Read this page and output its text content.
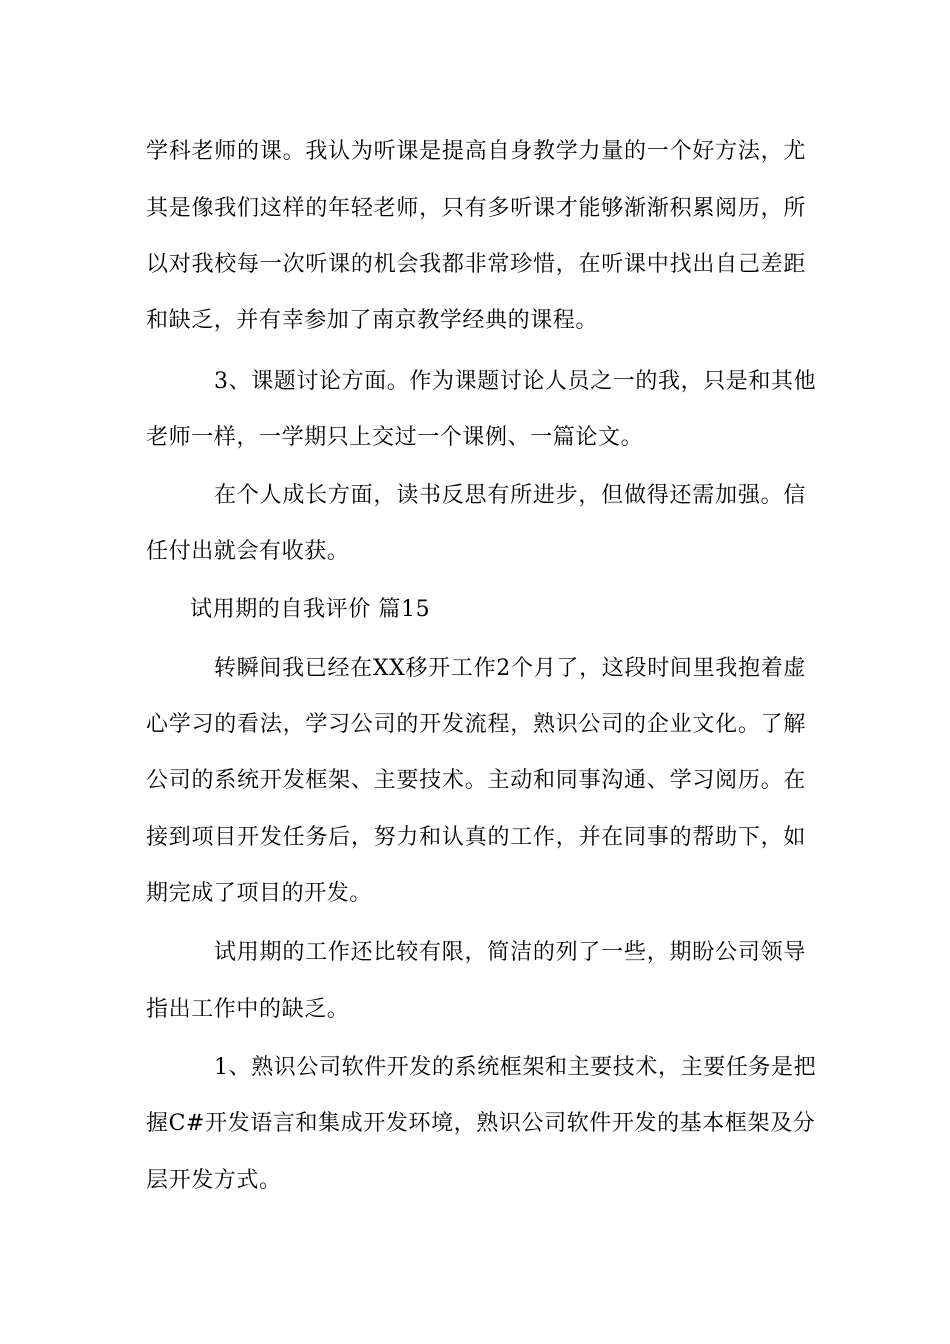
学科老师的课。我认为听课是提高自身教学力量的一个好方法，尤
其是像我们这样的年轻老师，只有多听课才能够渐渐积累阅历，所
以对我校每一次听课的机会我都非常珍惜，在听课中找出自己差距
和缺乏，并有幸参加了南京教学经典的课程。
3、课题讨论方面。作为课题讨论人员之一的我，只是和其他
老师一样，一学期只上交过一个课例、一篇论文。
在个人成长方面，读书反思有所进步，但做得还需加强。信
任付出就会有收获。
试用期的自我评价 篇15
转瞬间我已经在XX移开工作2个月了，这段时间里我抱着虚
心学习的看法，学习公司的开发流程，熟识公司的企业文化。了解
公司的系统开发框架、主要技术。主动和同事沟通、学习阅历。在
接到项目开发任务后，努力和认真的工作，并在同事的帮助下，如
期完成了项目的开发。
试用期的工作还比较有限，简洁的列了一些，期盼公司领导
指出工作中的缺乏。
1、熟识公司软件开发的系统框架和主要技术，主要任务是把
握C#开发语言和集成开发环境，熟识公司软件开发的基本框架及分
层开发方式。
